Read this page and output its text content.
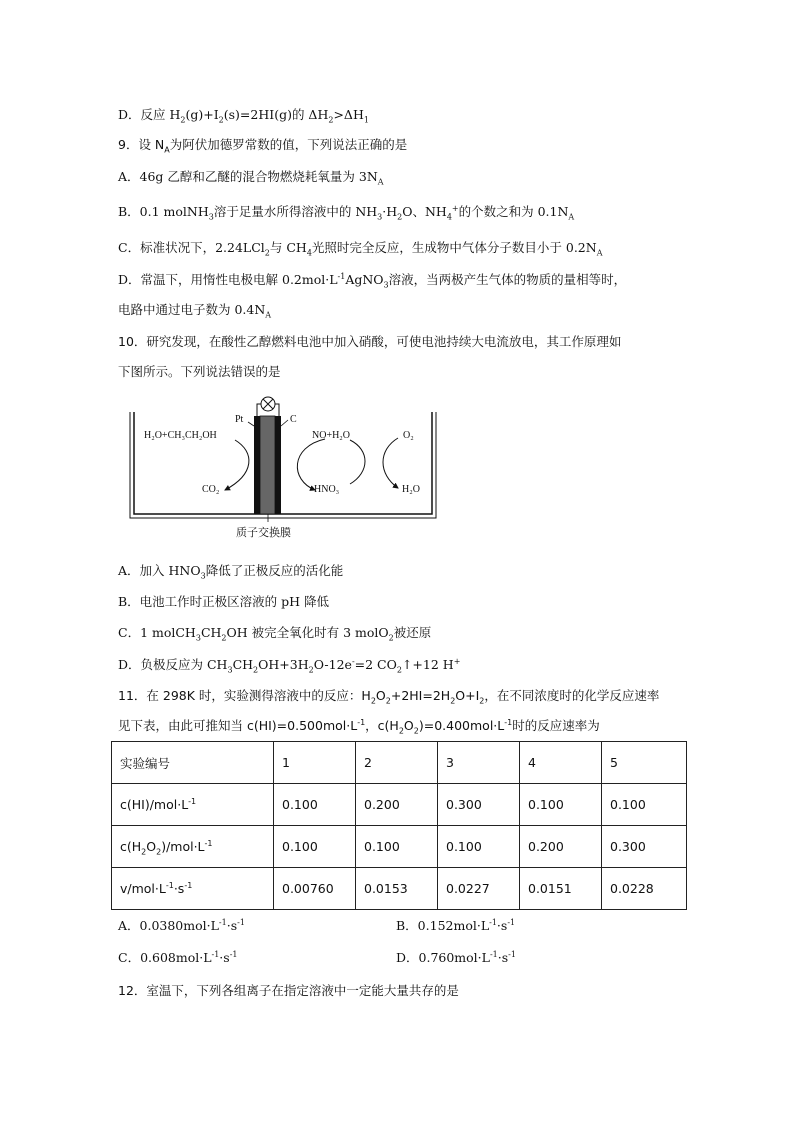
D．反应 $H_2(g)+I_2(s)=2HI(g)$的 $\Delta H_2>\Delta H_1$
9．设 $N_A$为阿伏加德罗常数的值，下列说法正确的是
A．46g 乙醇和乙醚的混合物燃烧耗氧量为 $3N_A$
B．0.1 molNH$_3$溶于足量水所得溶液中的 $NH_3\cdot H_2O$、$NH_4^+$的个数之和为 $0.1N_A$
C．标准状况下，2.24LCl$_2$与 $CH_4$光照时完全反应，生成物中气体分子数目小于 $0.2N_A$
D．常温下，用惰性电极电解 $0.2mol\cdot L^{-1}AgNO_3$溶液，当两极产生气体的物质的量相等时，
电路中通过电子数为 $0.4N_A$
10．研究发现，在酸性乙醇燃料电池中加入硝酸，可使电池持续大电流放电，其工作原理如
下图所示。下列说法错误的是
Pt	C
H₂O+CH₃CH₂OH
CO₂
NO+H₂O
HNO₃
O₂
H₂O
质子交换膜
A．加入 $HNO_3$降低了正极反应的活化能
B．电池工作时正极区溶液的 pH 降低
C．1 $molCH_3CH_2OH$ 被完全氧化时有 3 molO$_2$被还原
D．负极反应为 $CH_3CH_2OH+3H_2O-12e^-=2$ $CO_2↑+12$ H+
11．在 298K 时，实验测得溶液中的反应：$H_2O_2+2HI=2H_2O+I_2$，在不同浓度时的化学反应速率
见下表，由此可推知当 $c(HI)=0.500mol\cdot L^{-1}$，$c(H_2O_2)=0.400mol\cdot L^{-1}$时的反应速率为
实验编号	1	2	3	4	5
$c(HI)/mol\cdot L^{-1}$	0.100	0.200	0.300	0.100	0.100
$c(H_2O_2)/mol\cdot L^{-1}$	0.100	0.100	0.100	0.200	0.300
$v/mol\cdot L^{-1}\cdot s^{-1}$	0.00760	0.0153	0.0227	0.0151	0.0228
A．$0.0380mol\cdot L^{-1}\cdot s^{-1}$	B．$0.152mol\cdot L^{-1}\cdot s^{-1}$
C．$0.608mol\cdot L^{-1}\cdot s^{-1}$	D．$0.760mol\cdot L^{-1}\cdot s^{-1}$
12．室温下，下列各组离子在指定溶液中一定能大量共存的是
